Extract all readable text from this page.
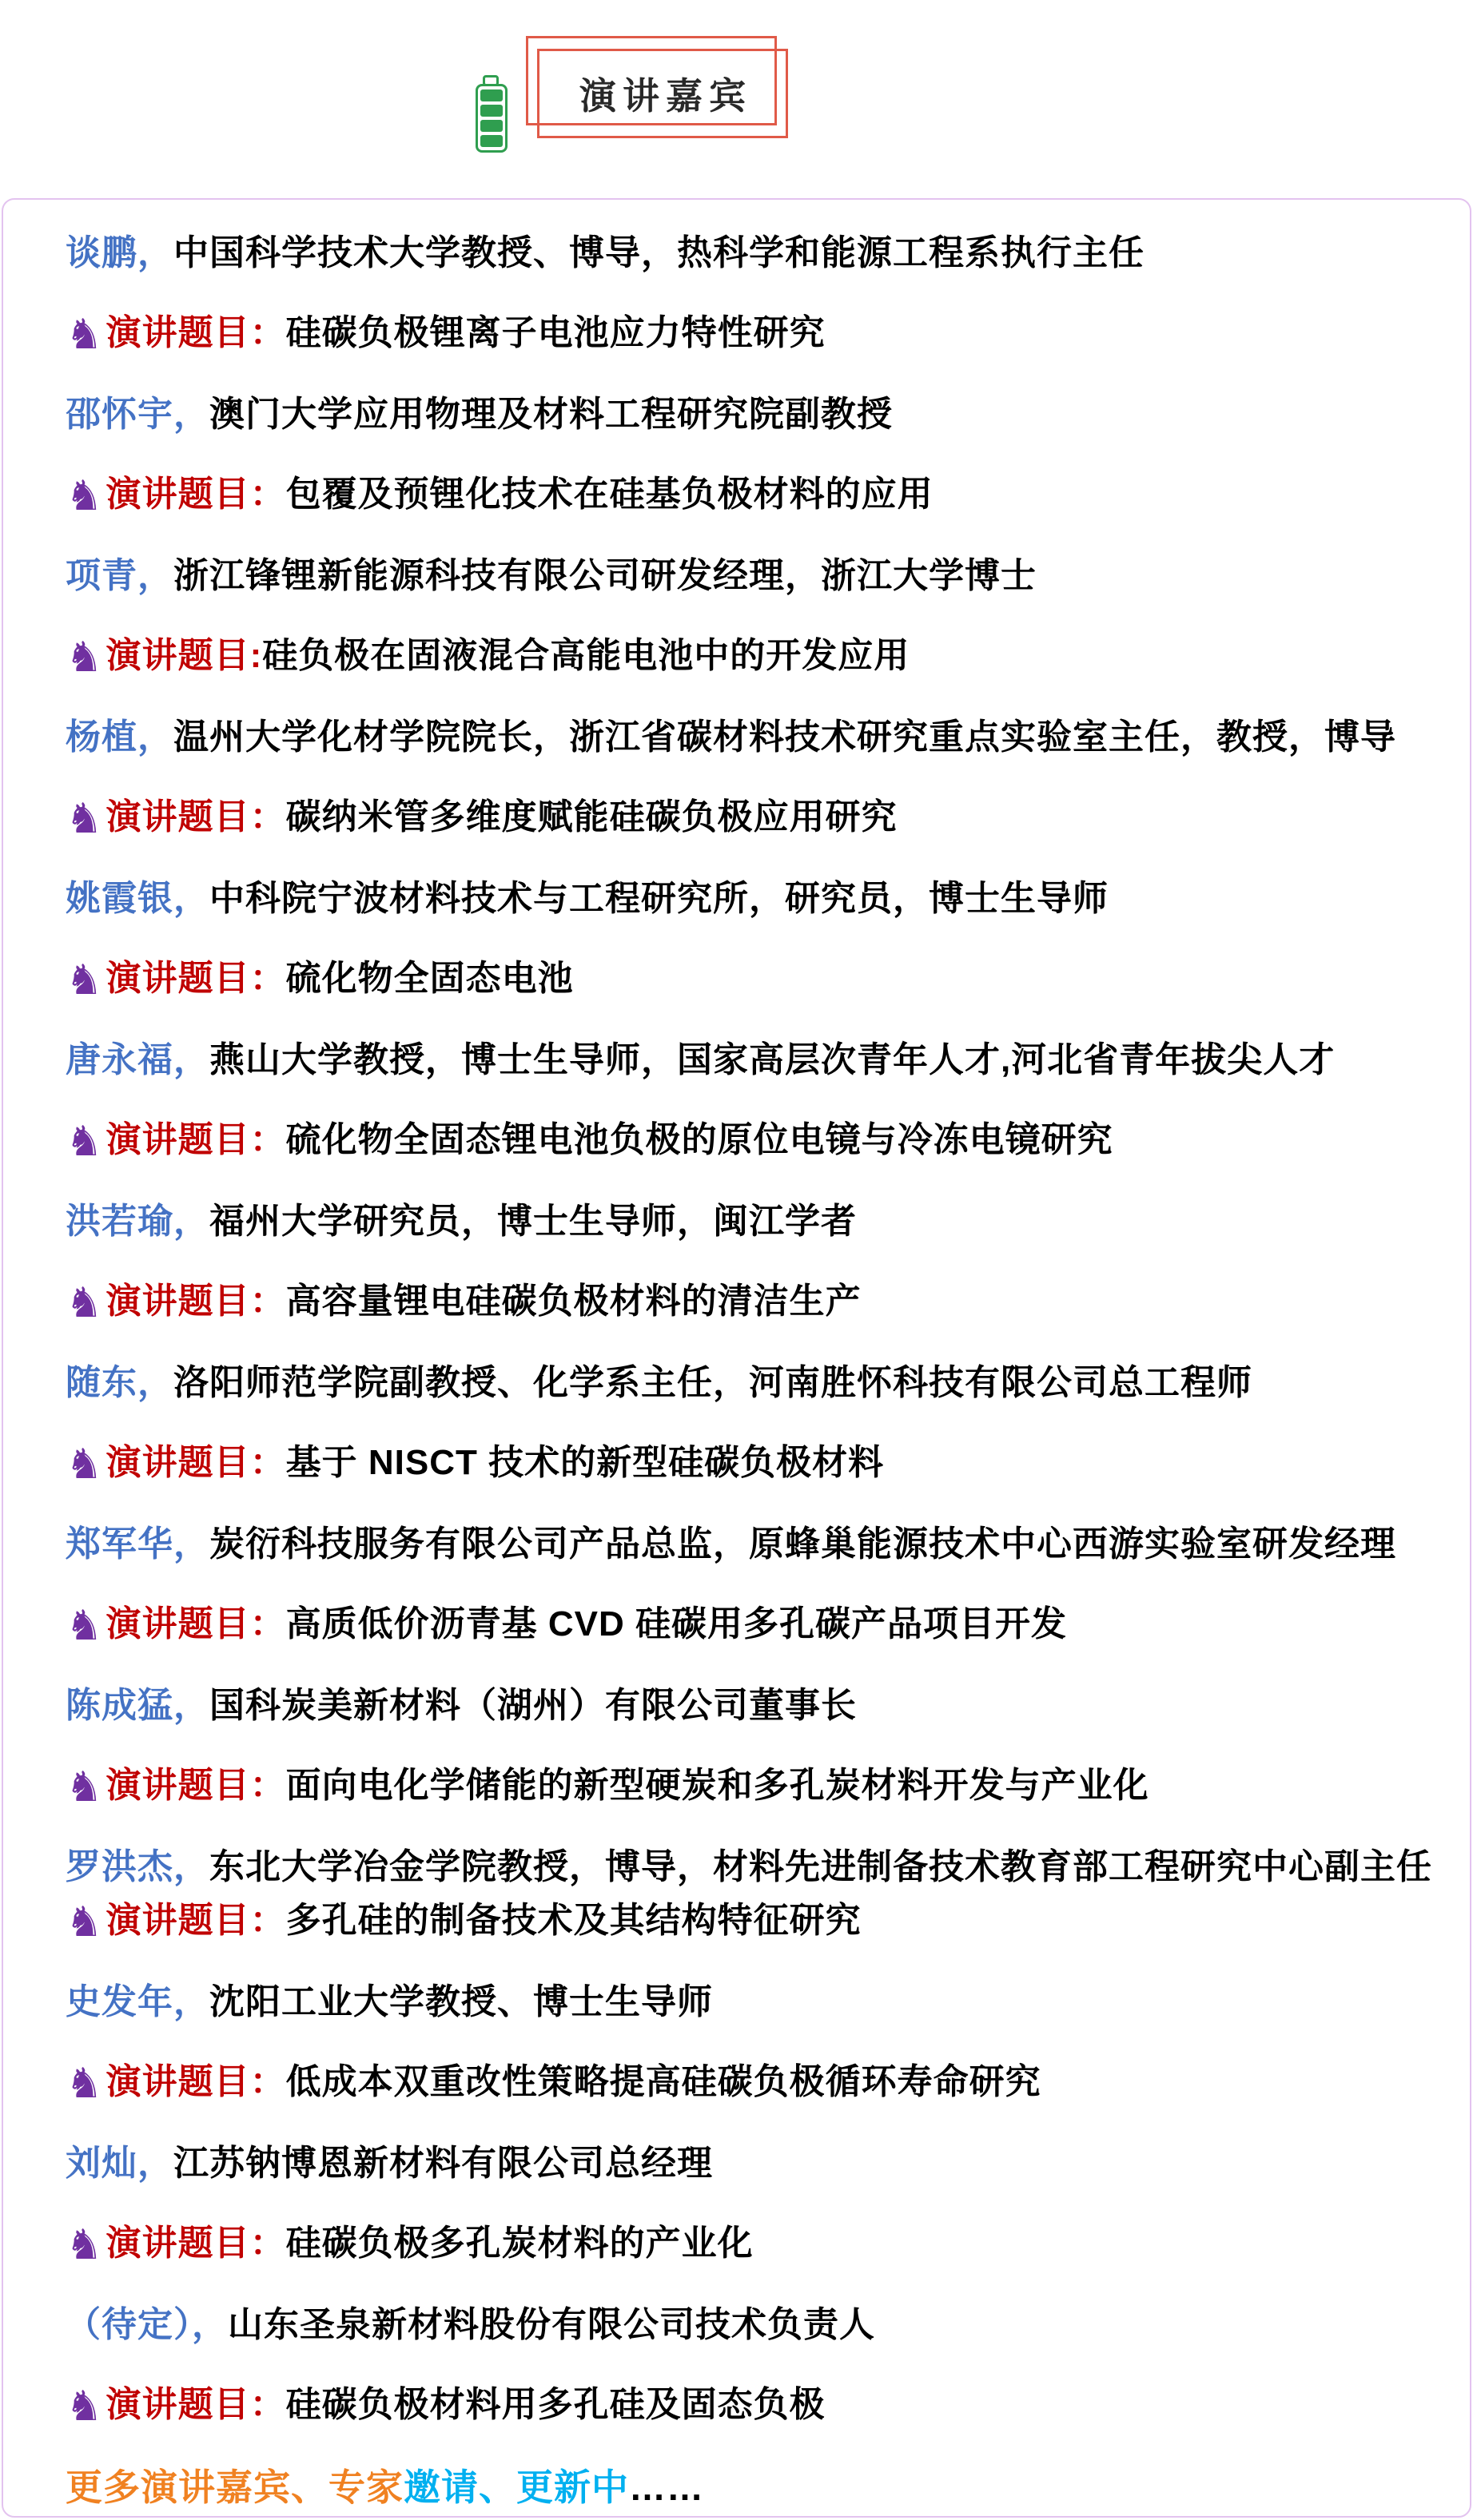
演讲嘉宾
谈鹏，中国科学技术大学教授、博导，热科学和能源工程系执行主任
♞演讲题目：硅碳负极锂离子电池应力特性研究
邵怀宇，澳门大学应用物理及材料工程研究院副教授
♞演讲题目：包覆及预锂化技术在硅基负极材料的应用
项青，浙江锋锂新能源科技有限公司研发经理，浙江大学博士
♞演讲题目:硅负极在固液混合高能电池中的开发应用
杨植，温州大学化材学院院长，浙江省碳材料技术研究重点实验室主任，教授，博导
♞演讲题目：碳纳米管多维度赋能硅碳负极应用研究
姚霞银，中科院宁波材料技术与工程研究所，研究员，博士生导师
♞演讲题目：硫化物全固态电池
唐永福，燕山大学教授，博士生导师，国家高层次青年人才,河北省青年拔尖人才
♞演讲题目：硫化物全固态锂电池负极的原位电镜与冷冻电镜研究
洪若瑜，福州大学研究员，博士生导师，闽江学者
♞演讲题目：高容量锂电硅碳负极材料的清洁生产
随东，洛阳师范学院副教授、化学系主任，河南胜怀科技有限公司总工程师
♞演讲题目：基于 NISCT 技术的新型硅碳负极材料
郑军华，炭衍科技服务有限公司产品总监，原蜂巢能源技术中心西游实验室研发经理
♞演讲题目：高质低价沥青基 CVD 硅碳用多孔碳产品项目开发
陈成猛，国科炭美新材料（湖州）有限公司董事长
♞演讲题目：面向电化学储能的新型硬炭和多孔炭材料开发与产业化
罗洪杰，东北大学冶金学院教授，博导，材料先进制备技术教育部工程研究中心副主任
♞演讲题目：多孔硅的制备技术及其结构特征研究
史发年，沈阳工业大学教授、博士生导师
♞演讲题目：低成本双重改性策略提高硅碳负极循环寿命研究
刘灿，江苏钠博恩新材料有限公司总经理
♞演讲题目：硅碳负极多孔炭材料的产业化
（待定），山东圣泉新材料股份有限公司技术负责人
♞演讲题目：硅碳负极材料用多孔硅及固态负极
更多演讲嘉宾、专家邀请、更新中……
